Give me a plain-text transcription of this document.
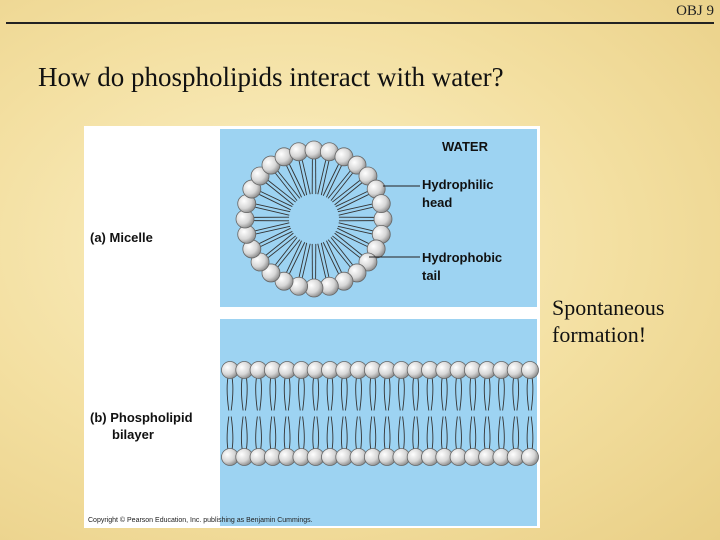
OBJ 9
How do phospholipids interact with water?
Spontaneous
formation!
WATER
Hydrophilic
head
Hydrophobic
tail
(a) Micelle
(b) Phospholipid
bilayer
Copyright © Pearson Education, Inc. publishing as Benjamin Cummings.
